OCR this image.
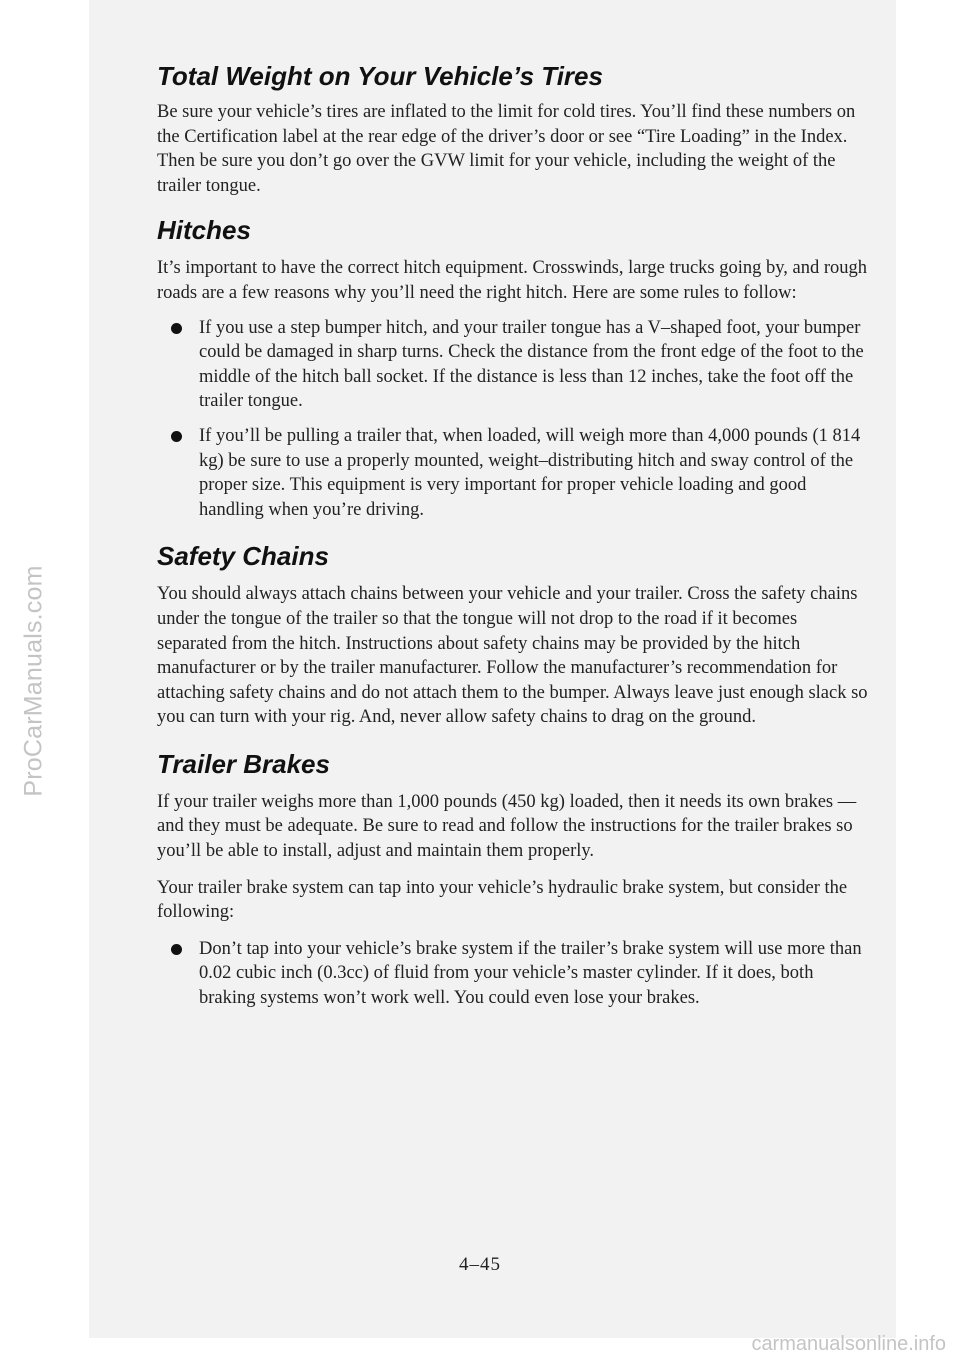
ProCarManuals.com
Total Weight on Your Vehicle’s Tires

Be sure your vehicle’s tires are inflated to the limit for cold tires. You’ll find these numbers on the Certification label at the rear edge of the driver’s door or see “Tire Loading” in the Index. Then be sure you don’t go over the GVW limit for your vehicle, including the weight of the trailer tongue.

Hitches

It’s important to have the correct hitch equipment. Crosswinds, large trucks going by, and rough roads are a few reasons why you’ll need the right hitch. Here are some rules to follow:

If you use a step bumper hitch, and your trailer tongue has a V–shaped foot, your bumper could be damaged in sharp turns. Check the distance from the front edge of the foot to the middle of the hitch ball socket. If the distance is less than 12 inches, take the foot off the trailer tongue.
If you’ll be pulling a trailer that, when loaded, will weigh more than 4,000 pounds (1 814 kg) be sure to use a properly mounted, weight–distributing hitch and sway control of the proper size. This equipment is very important for proper vehicle loading and good handling when you’re driving.
Safety Chains

You should always attach chains between your vehicle and your trailer. Cross the safety chains under the tongue of the trailer so that the tongue will not drop to the road if it becomes separated from the hitch. Instructions about safety chains may be provided by the hitch manufacturer or by the trailer manufacturer. Follow the manufacturer’s recommendation for attaching safety chains and do not attach them to the bumper. Always leave just enough slack so you can turn with your rig. And, never allow safety chains to drag on the ground.

Trailer Brakes

If your trailer weighs more than 1,000 pounds (450 kg) loaded, then it needs its own brakes — and they must be adequate. Be sure to read and follow the instructions for the trailer brakes so you’ll be able to install, adjust and maintain them properly.

Your trailer brake system can tap into your vehicle’s hydraulic brake system, but consider the following:

Don’t tap into your vehicle’s brake system if the trailer’s brake system will use more than 0.02 cubic inch (0.3cc) of fluid from your vehicle’s master cylinder. If it does, both braking systems won’t work well. You could even lose your brakes.
4–45
carmanualsonline.info
